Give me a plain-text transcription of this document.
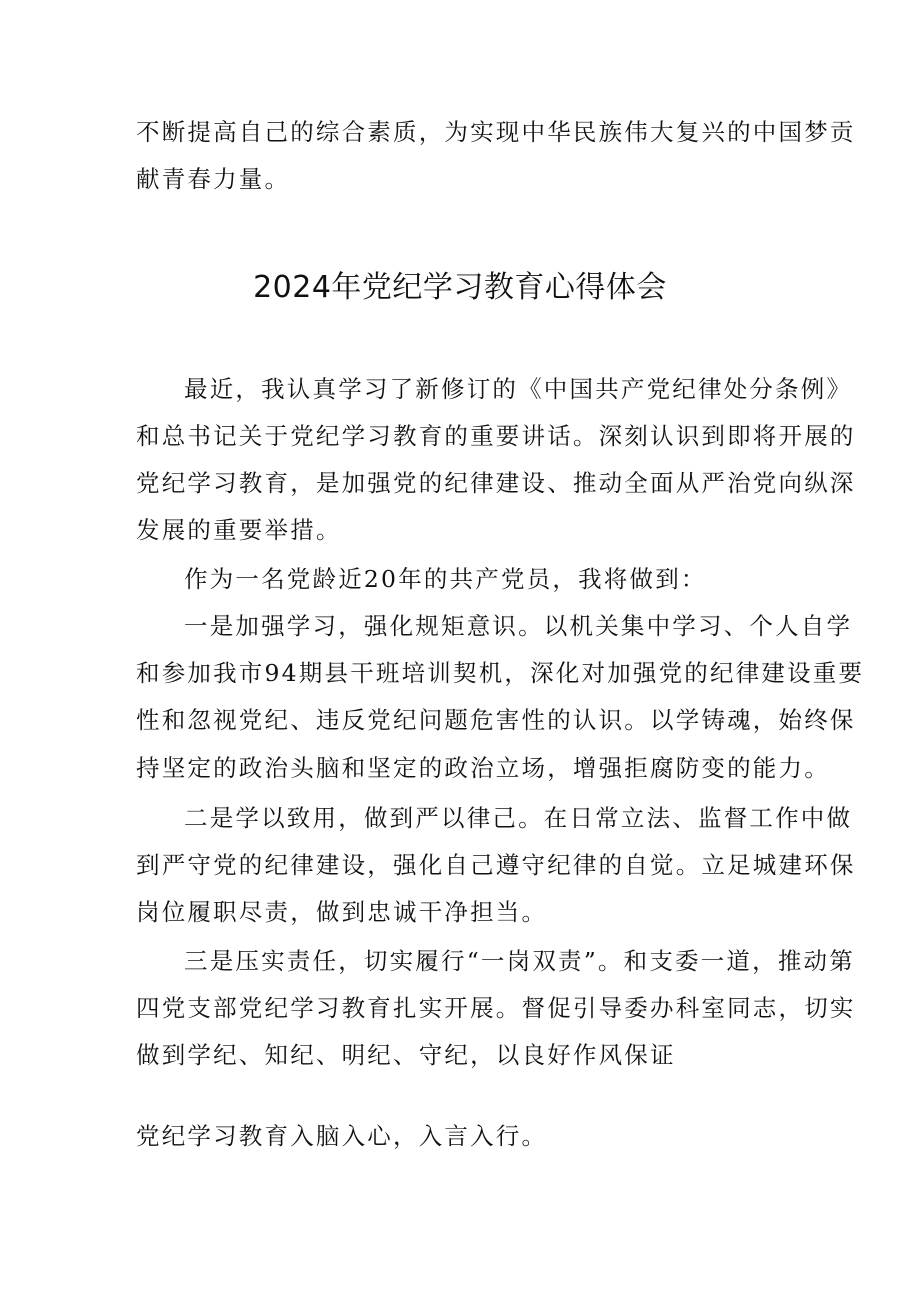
不断提高自己的综合素质，为实现中华民族伟大复兴的中国梦贡
献青春力量。
2024年党纪学习教育心得体会
最近，我认真学习了新修订的《中国共产党纪律处分条例》
和总书记关于党纪学习教育的重要讲话。深刻认识到即将开展的
党纪学习教育，是加强党的纪律建设、推动全面从严治党向纵深
发展的重要举措。
作为一名党龄近20年的共产党员，我将做到：
一是加强学习，强化规矩意识。以机关集中学习、个人自学
和参加我市94期县干班培训契机，深化对加强党的纪律建设重要
性和忽视党纪、违反党纪问题危害性的认识。以学铸魂，始终保
持坚定的政治头脑和坚定的政治立场，增强拒腐防变的能力。
二是学以致用，做到严以律己。在日常立法、监督工作中做
到严守党的纪律建设，强化自己遵守纪律的自觉。立足城建环保
岗位履职尽责，做到忠诚干净担当。
三是压实责任，切实履行“一岗双责”。和支委一道，推动第
四党支部党纪学习教育扎实开展。督促引导委办科室同志，切实
做到学纪、知纪、明纪、守纪，以良好作风保证
党纪学习教育入脑入心，入言入行。
